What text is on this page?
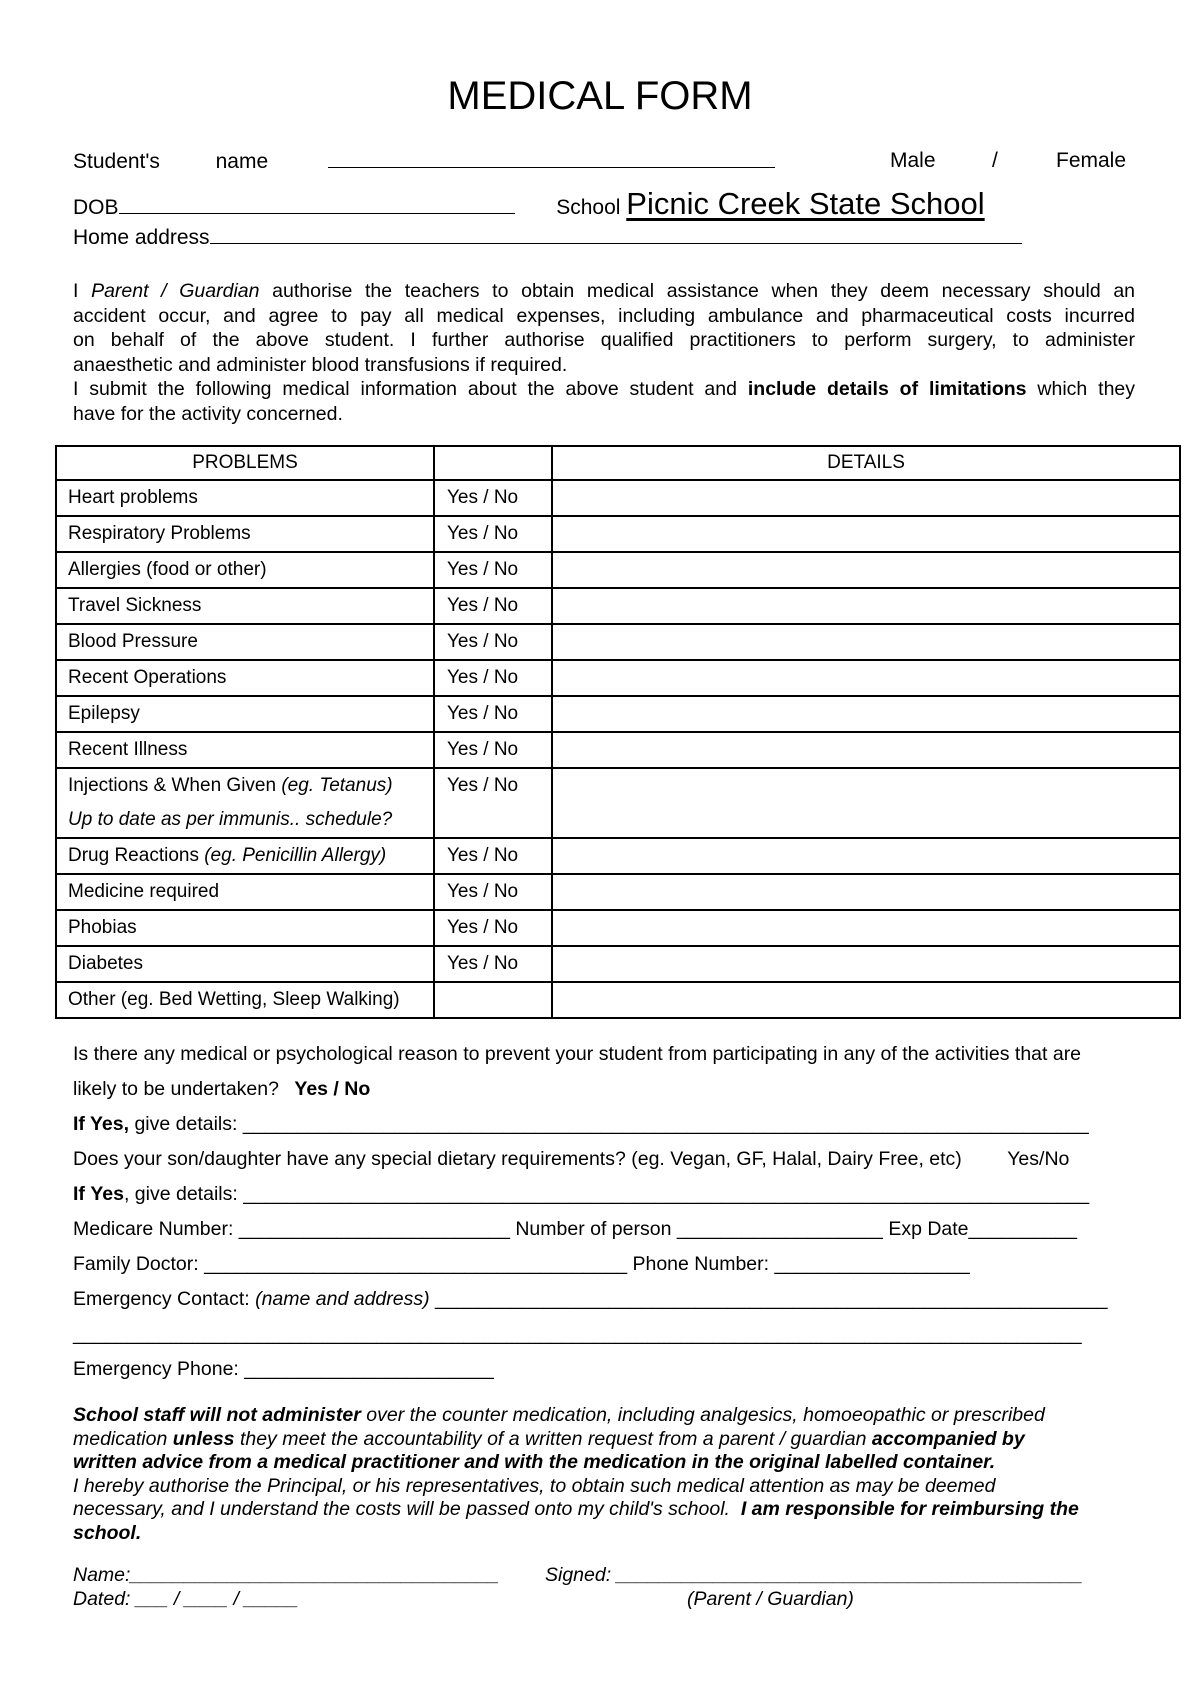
MEDICAL FORM
Student's	name	Male	/	Female
DOB	School Picnic Creek State School
Home address
I Parent / Guardian authorise the teachers to obtain medical assistance when they deem necessary should an
accident occur, and agree to pay all medical expenses, including ambulance and pharmaceutical costs incurred
on behalf of the above student. I further authorise qualified practitioners to perform surgery, to administer
anaesthetic and administer blood transfusions if required.
I submit the following medical information about the above student and include details of limitations which they
have for the activity concerned.
PROBLEMS		DETAILS
Heart problems	Yes / No	
Respiratory Problems	Yes / No	
Allergies (food or other)	Yes / No	
Travel Sickness	Yes / No	
Blood Pressure	Yes / No	
Recent Operations	Yes / No	
Epilepsy	Yes / No	
Recent Illness	Yes / No	
Injections & When Given (eg. Tetanus)
Up to date as per immunis.. schedule?	Yes / No	
Drug Reactions (eg. Penicillin Allergy)	Yes / No	
Medicine required	Yes / No	
Phobias	Yes / No	
Diabetes	Yes / No	
Other (eg. Bed Wetting, Sleep Walking)		
Is there any medical or psychological reason to prevent your student from participating in any of the activities that are
likely to be undertaken? Yes / No
If Yes, give details: ______________________________________________________________________________
Does your son/daughter have any special dietary requirements? (eg. Vegan, GF, Halal, Dairy Free, etc) Yes/No
If Yes, give details: ______________________________________________________________________________
Medicare Number: _________________________ Number of person ___________________ Exp Date__________
Family Doctor: _______________________________________ Phone Number: __________________
Emergency Contact: (name and address) ______________________________________________________________
_____________________________________________________________________________________________
Emergency Phone: _______________________
School staff will not administer over the counter medication, including analgesics, homoeopathic or prescribed
medication unless they meet the accountability of a written request from a parent / guardian accompanied by
written advice from a medical practitioner and with the medication in the original labelled container.
I hereby authorise the Principal, or his representatives, to obtain such medical attention as may be deemed
necessary, and I understand the costs will be passed onto my child's school. I am responsible for reimbursing the
school.
Name:__________________________________ Signed: ___________________________________________
Dated: ___ / ____ / _____	(Parent / Guardian)
